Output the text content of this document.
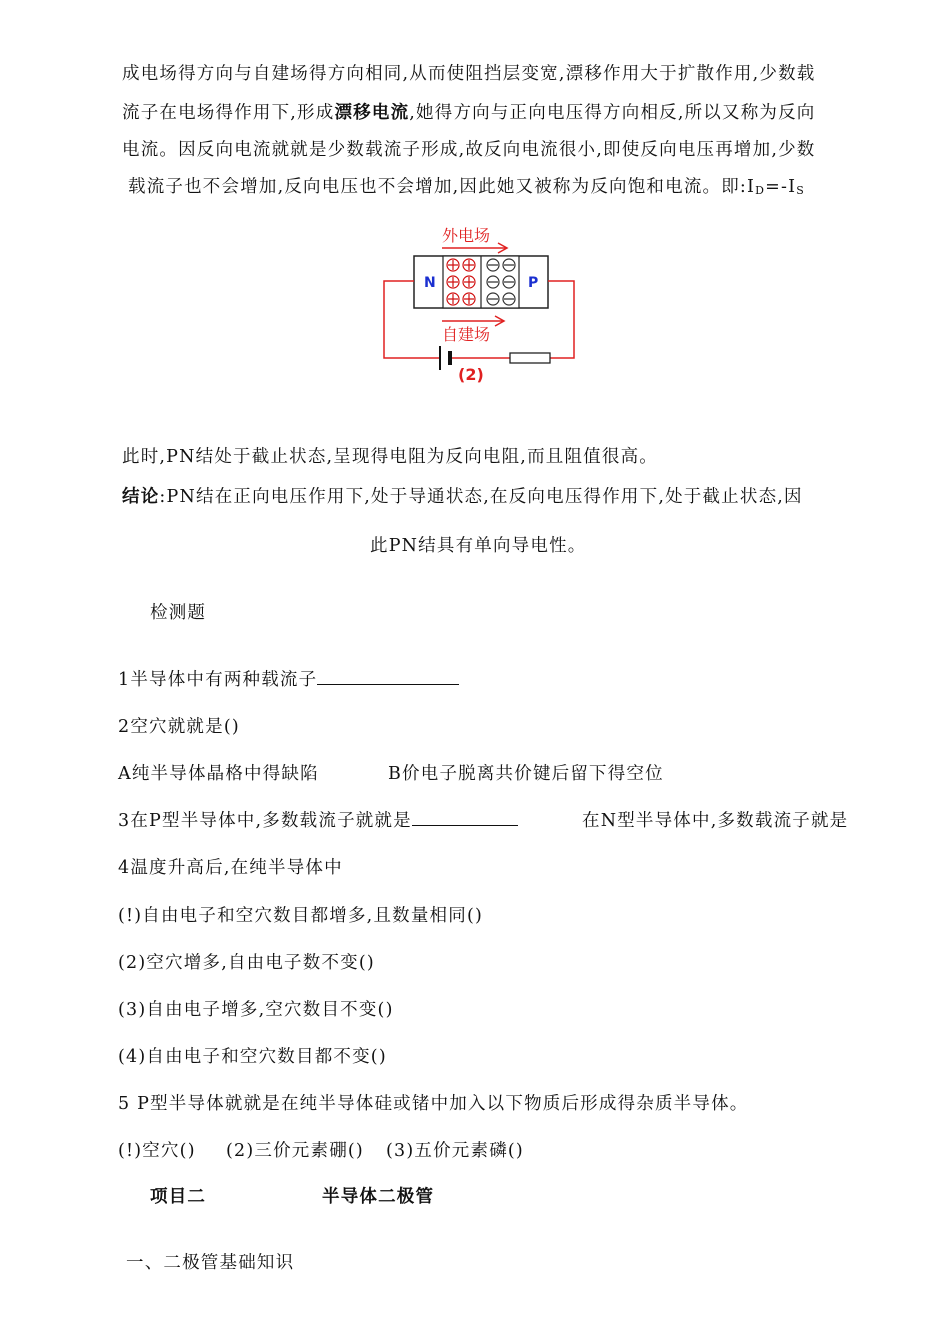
成电场得方向与自建场得方向相同,从而使阻挡层变宽,漂移作用大于扩散作用,少数载
流子在电场得作用下,形成漂移电流,她得方向与正向电压得方向相反,所以又称为反向
电流。因反向电流就就是少数载流子形成,故反向电流很小,即使反向电压再增加,少数
载流子也不会增加,反向电压也不会增加,因此她又被称为反向饱和电流。即:ID=-IS
外电场
N	P
自建场
(2)
此时,PN结处于截止状态,呈现得电阻为反向电阻,而且阻值很高。
结论:PN结在正向电压作用下,处于导通状态,在反向电压得作用下,处于截止状态,因
此PN结具有单向导电性。
检测题
1半导体中有两种载流子
2空穴就就是()
A纯半导体晶格中得缺陷	B价电子脱离共价键后留下得空位
3在P型半导体中,多数载流子就就是	在N型半导体中,多数载流子就是
4温度升高后,在纯半导体中
(!)自由电子和空穴数目都增多,且数量相同()
(2)空穴增多,自由电子数不变()
(3)自由电子增多,空穴数目不变()
(4)自由电子和空穴数目都不变()
5 P型半导体就就是在纯半导体硅或锗中加入以下物质后形成得杂质半导体。
(!)空穴() (2)三价元素硼() (3)五价元素磷()
项目二	半导体二极管
一、二极管基础知识
